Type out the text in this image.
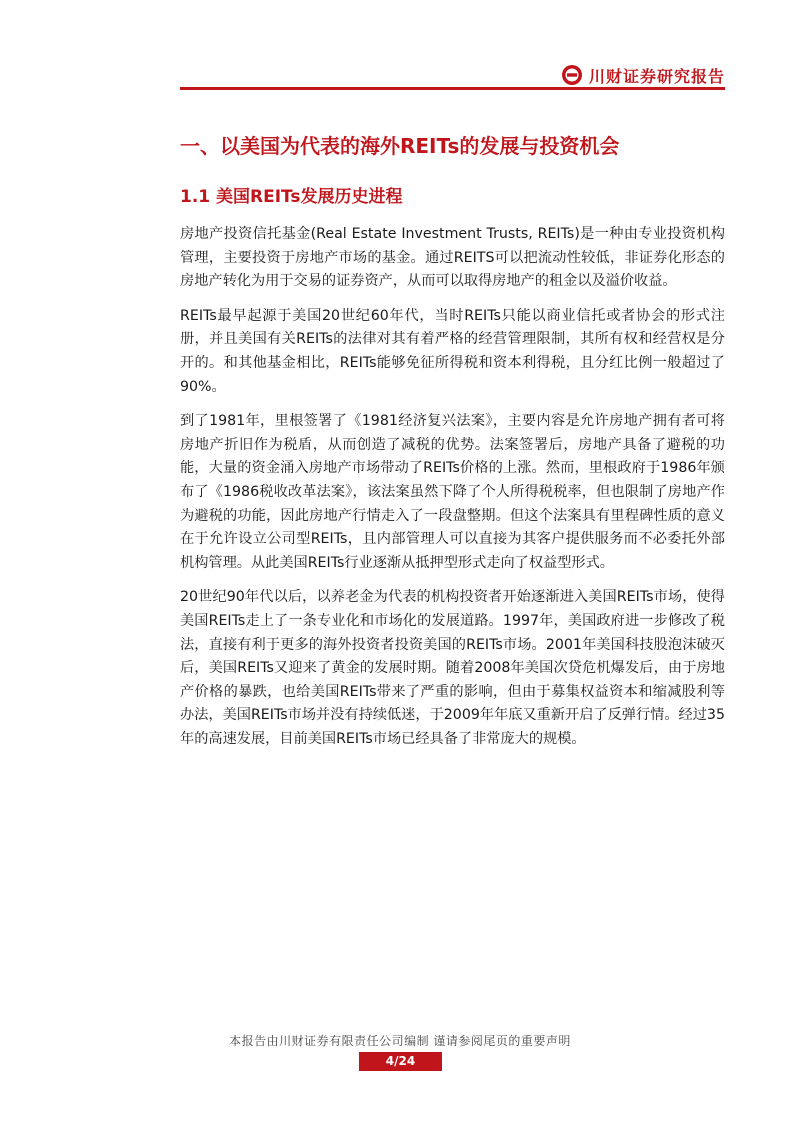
川财证券研究报告
一、以美国为代表的海外REITs的发展与投资机会
1.1 美国REITs发展历史进程

房地产投资信托基金(Real Estate Investment Trusts, REITs)是一种由专业投资机构管理，主要投资于房地产市场的基金。通过REITS可以把流动性较低，非证券化形态的房地产转化为用于交易的证券资产，从而可以取得房地产的租金以及溢价收益。

REITs最早起源于美国20世纪60年代，当时REITs只能以商业信托或者协会的形式注册，并且美国有关REITs的法律对其有着严格的经营管理限制，其所有权和经营权是分开的。和其他基金相比，REITs能够免征所得税和资本利得税，且分红比例一般超过了90%。

到了1981年，里根签署了《1981经济复兴法案》，主要内容是允许房地产拥有者可将房地产折旧作为税盾，从而创造了减税的优势。法案签署后，房地产具备了避税的功能，大量的资金涌入房地产市场带动了REITs价格的上涨。然而，里根政府于1986年颁布了《1986税收改革法案》，该法案虽然下降了个人所得税税率，但也限制了房地产作为避税的功能，因此房地产行情走入了一段盘整期。但这个法案具有里程碑性质的意义在于允许设立公司型REITs，且内部管理人可以直接为其客户提供服务而不必委托外部机构管理。从此美国REITs行业逐渐从抵押型形式走向了权益型形式。

20世纪90年代以后，以养老金为代表的机构投资者开始逐渐进入美国REITs市场，使得美国REITs走上了一条专业化和市场化的发展道路。1997年，美国政府进一步修改了税法，直接有利于更多的海外投资者投资美国的REITs市场。2001年美国科技股泡沫破灭后，美国REITs又迎来了黄金的发展时期。随着2008年美国次贷危机爆发后，由于房地产价格的暴跌，也给美国REITs带来了严重的影响，但由于募集权益资本和缩减股利等办法，美国REITs市场并没有持续低迷，于2009年年底又重新开启了反弹行情。经过35年的高速发展，目前美国REITs市场已经具备了非常庞大的规模。

本报告由川财证券有限责任公司编制 谨请参阅尾页的重要声明
4/24
